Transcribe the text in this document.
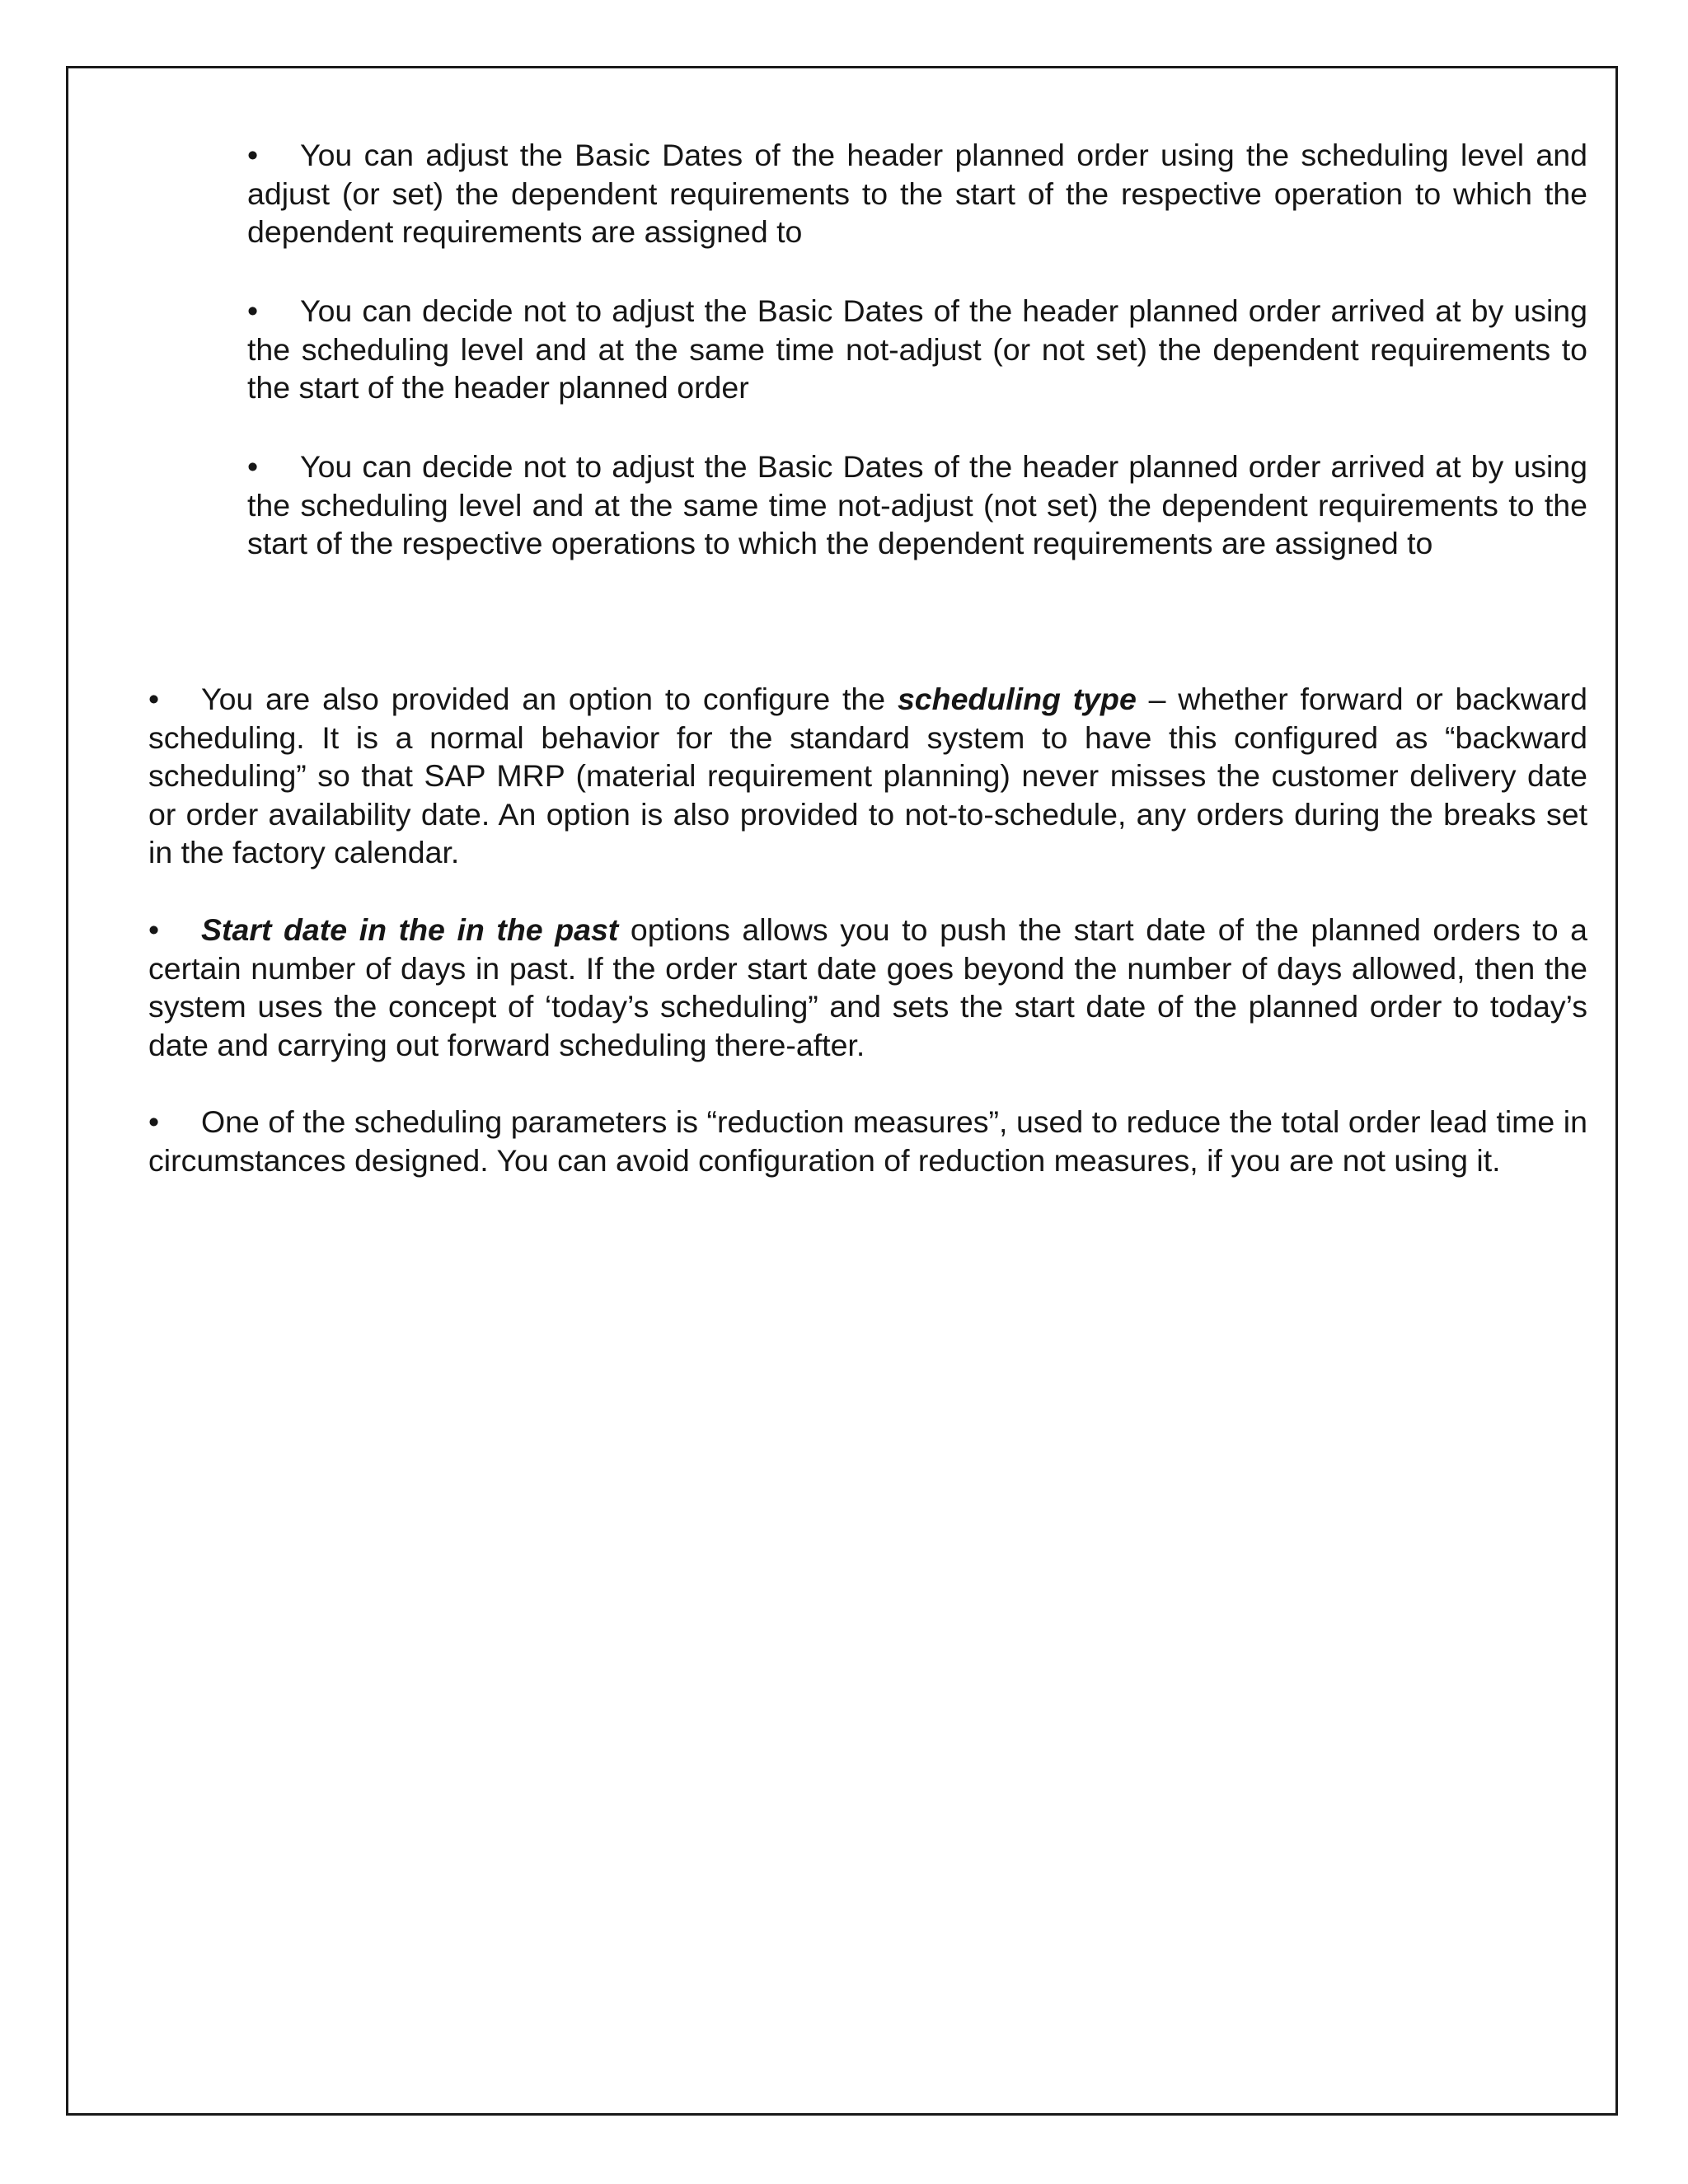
• You can adjust the Basic Dates of the header planned order using the scheduling level and adjust (or set) the dependent requirements to the start of the respective operation to which the dependent requirements are assigned to

• You can decide not to adjust the Basic Dates of the header planned order arrived at by using the scheduling level and at the same time not-adjust (or not set) the dependent requirements to the start of the header planned order

• You can decide not to adjust the Basic Dates of the header planned order arrived at by using the scheduling level and at the same time not-adjust (not set) the dependent requirements to the start of the respective operations to which the dependent requirements are assigned to

• You are also provided an option to configure the scheduling type – whether forward or backward scheduling. It is a normal behavior for the standard system to have this configured as “backward scheduling” so that SAP MRP (material requirement planning) never misses the customer delivery date or order availability date. An option is also provided to not-to-schedule, any orders during the breaks set in the factory calendar.

• Start date in the in the past options allows you to push the start date of the planned orders to a certain number of days in past. If the order start date goes beyond the number of days allowed, then the system uses the concept of ‘today’s scheduling” and sets the start date of the planned order to today’s date and carrying out forward scheduling there-after.

• One of the scheduling parameters is “reduction measures”, used to reduce the total order lead time in circumstances designed. You can avoid configuration of reduction measures, if you are not using it.
